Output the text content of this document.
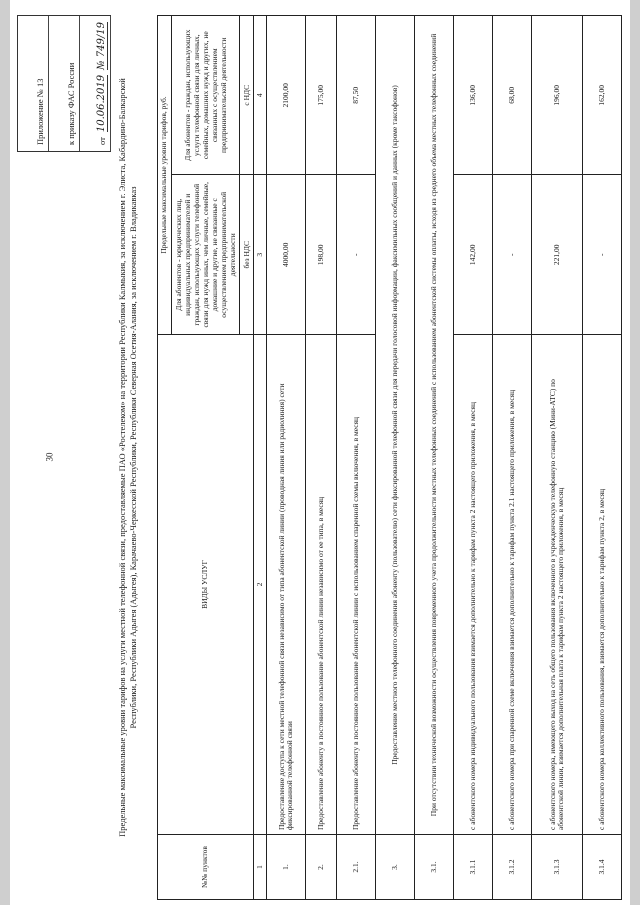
30
Приложение № 13	к приказу ФАС России	от
10.06.2019
№ 749/19
Предельные максимальные уровни тарифов на услуги местной телефонной связи, предоставляемые ПАО «Ростелеком» на территории Республики Калмыкия, за исключением г. Элиста, Кабардино-Балкарской Республики, Республики Адыгея (Адыгея), Карачаево-Черкесской Республики, Республики Северная Осетия-Алания, за исключением г. Владикавказ
№№ пунктов	ВИДЫ УСЛУГ	Предельные максимальные уровни тарифов, руб.	
		Для абонентов - юридических лиц, индивидуальных предпринимателей и граждан, использующих услуги телефонной связи для нужд иных, чем личные, семейные, домашние и другие, не связанные с осуществлением предпринимательской деятельности	Для абонентов - граждан, использующих услуги телефонной связи для личных, семейных, домашних нужд и других, не связанных с осуществлением предпринимательской деятельности
		без НДС	с НДС
1	2	3	4
1.	Предоставление доступа к сети местной телефонной связи независимо от типа абонентской линии (проводная линия или радиолиния) сети фиксированной телефонной связи	4000,00	2100,00
2.	Предоставление абоненту в постоянное пользование абонентской линии независимо от ее типа, в месяц	198,00	175,00
2.1.	Предоставление абоненту в постоянное пользование абонентской линии с использованием спаренной схемы включения, в месяц	-	87,50
3.	Предоставление местного телефонного соединения абоненту (пользователю) сети фиксированной телефонной связи для передачи голосовой информации, факсимильных сообщений и данных (кроме таксофонов)		
3.1.	При отсутствии технической возможности осуществления повременного учета продолжительности местных телефонных соединений с использованием абонентской системы оплаты, исходя из среднего объема местных телефонных соединений		
3.1.1	с абонентского номера индивидуального пользования взимается дополнительно к тарифам пункта 2 настоящего приложения, в месяц	142,00	136,00
3.1.2	с абонентского номера при спаренной схеме включения взимается дополнительно к тарифам пункта 2.1 настоящего приложения, в месяц	-	68,00
3.1.3	с абонентского номера, имеющего выход на сеть общего пользования включенного в учрежденческую телефонную станцию (Мини-АТС) по абонентской линии, взимается дополнительная плата к тарифам пункта 2 настоящего приложения, в месяц	221,00	196,00
3.1.4	с абонентского номера коллективного пользования, взимается дополнительно к тарифам пункта 2, в месяц	-	162,00
